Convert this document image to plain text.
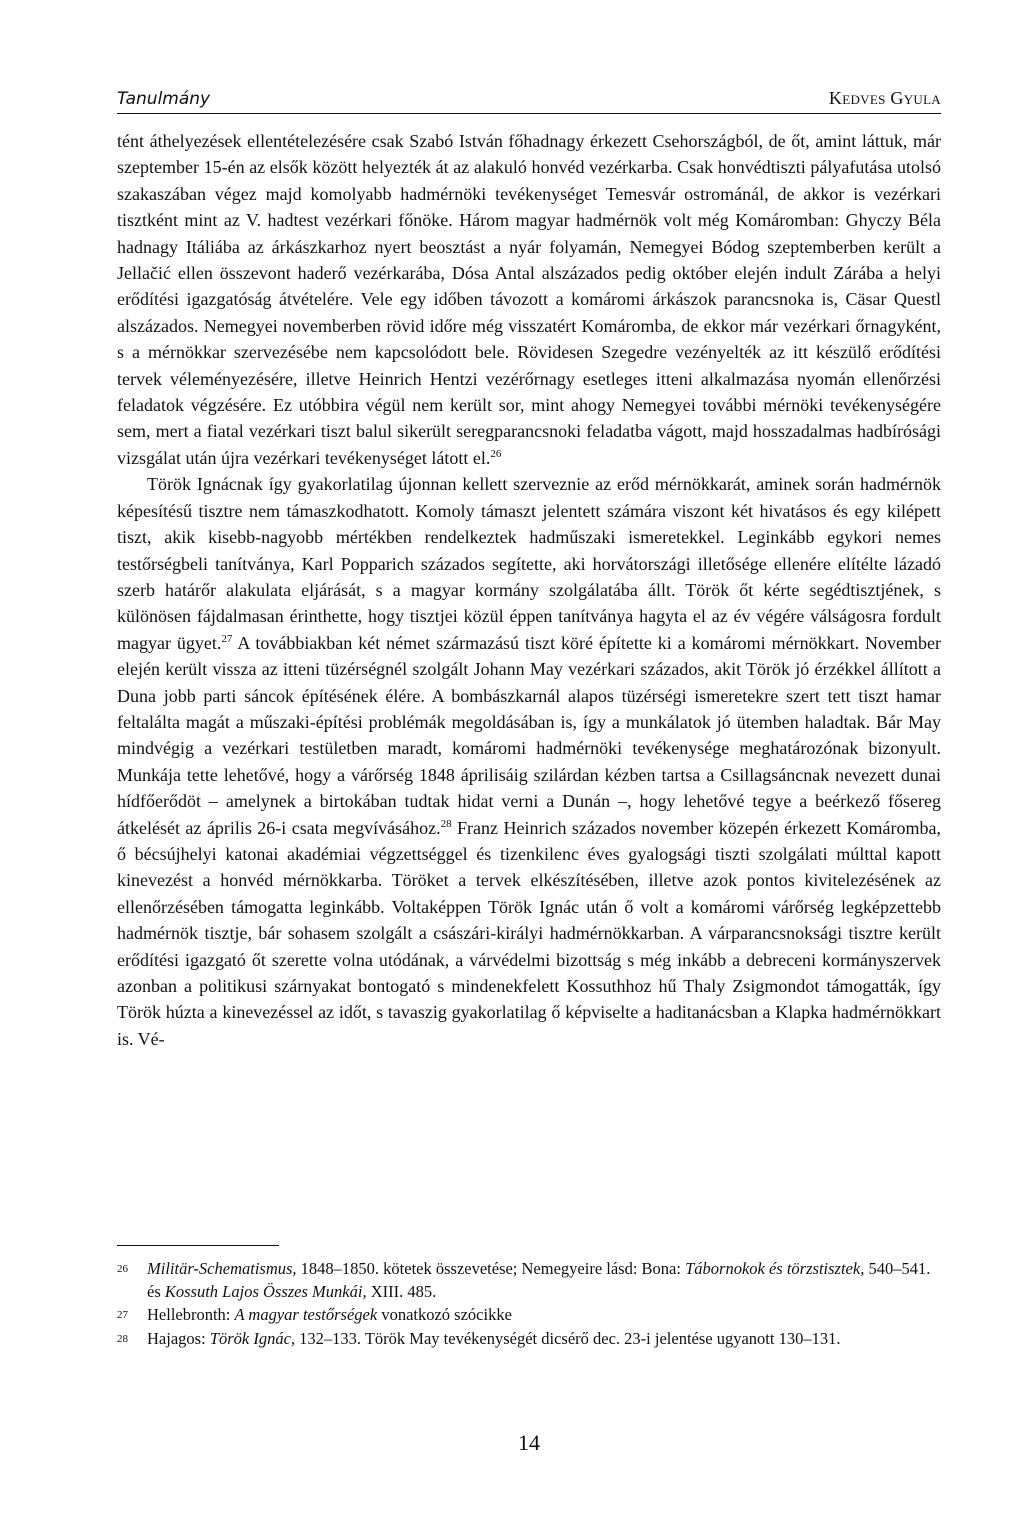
Tanulmány	Kedves Gyula

tént áthelyezések ellentételezésére csak Szabó István főhadnagy érkezett Csehországból, de őt, amint láttuk, már szeptember 15-én az elsők között helyezték át az alakuló honvéd vezérkarba. Csak honvédtiszti pályafutása utolsó szakaszában végez majd komolyabb hadmérnöki tevékenységet Temesvár ostrománál, de akkor is vezérkari tisztként mint az V. hadtest vezérkari főnöke. Három magyar hadmérnök volt még Komáromban: Ghyczy Béla hadnagy Itáliába az árkászkarhoz nyert beosztást a nyár folyamán, Nemegyei Bódog szeptemberben került a Jellačić ellen összevont haderő vezérkarába, Dósa Antal alszázados pedig október elején indult Zárába a helyi erődítési igazgatóság átvételére. Vele egy időben távozott a komáromi árkászok parancsnoka is, Cäsar Questl alszázados. Nemegyei novemberben rövid időre még visszatért Komáromba, de ekkor már vezérkari őrnagyként, s a mérnökkar szervezésébe nem kapcsolódott bele. Rövidesen Szegedre vezényelték az itt készülő erődítési tervek véleményezésére, illetve Heinrich Hentzi vezérőrnagy esetleges itteni alkalmazása nyomán ellenőrzési feladatok végzésére. Ez utóbbira végül nem került sor, mint ahogy Nemegyei további mérnöki tevékenységére sem, mert a fiatal vezérkari tiszt balul sikerült seregparancsnoki feladatba vágott, majd hosszadalmas hadbírósági vizsgálat után újra vezérkari tevékenységet látott el.$^{26}$

Török Ignácnak így gyakorlatilag újonnan kellett szerveznie az erőd mérnökkarát, aminek során hadmérnök képesítésű tisztre nem támaszkodhatott. Komoly támaszt jelentett számára viszont két hivatásos és egy kilépett tiszt, akik kisebb-nagyobb mértékben rendelkeztek hadműszaki ismeretekkel. Leginkább egykori nemes testőrségbeli tanítványa, Karl Popparich százados segítette, aki horvátországi illetősége ellenére elítélte lázadó szerb határőr alakulata eljárását, s a magyar kormány szolgálatába állt. Török őt kérte segédtisztjének, s különösen fájdalmasan érinthette, hogy tisztjei közül éppen tanítványa hagyta el az év végére válságosra fordult magyar ügyet.$^{27}$ A továbbiakban két német származású tiszt köré építette ki a komáromi mérnökkart. November elején került vissza az itteni tüzérségnél szolgált Johann May vezérkari százados, akit Török jó érzékkel állított a Duna jobb parti sáncok építésének élére. A bombászkarnál alapos tüzérségi ismeretekre szert tett tiszt hamar feltalálta magát a műszaki-építési problémák megoldásában is, így a munkálatok jó ütemben haladtak. Bár May mindvégig a vezérkari testületben maradt, komáromi hadmérnöki tevékenysége meghatározónak bizonyult. Munkája tette lehetővé, hogy a várőrség 1848 áprilisáig szilárdan kézben tartsa a Csillagsáncnak nevezett dunai hídfőerődöt – amelynek a birtokában tudtak hidat verni a Dunán –, hogy lehetővé tegye a beérkező fősereg átkelését az április 26-i csata megvívásához.$^{28}$ Franz Heinrich százados november közepén érkezett Komáromba, ő bécsújhelyi katonai akadémiai végzettséggel és tizenkilenc éves gyalogsági tiszti szolgálati múlttal kapott kinevezést a honvéd mérnökkarba. Töröket a tervek elkészítésében, illetve azok pontos kivitelezésének az ellenőrzésében támogatta leginkább. Voltaképpen Török Ignác után ő volt a komáromi várőrség legképzettebb hadmérnök tisztje, bár sohasem szolgált a császári-királyi hadmérnökkarban. A várparancsnoksági tisztre került erődítési igazgató őt szerette volna utódának, a várvédelmi bizottság s még inkább a debreceni kormányszervek azonban a politikusi szárnyakat bontogató s mindenekfelett Kossuthhoz hű Thaly Zsigmondot támogatták, így Török húzta a kinevezéssel az időt, s tavaszig gyakorlatilag ő képviselte a haditanácsban a Klapka hadmérnökkart is. Vé-

26	Militär-Schematismus, 1848–1850. kötetek összevetése; Nemegyeire lásd: Bona: Tábornokok és törzstisztek, 540–541. és Kossuth Lajos Összes Munkái, XIII. 485.
27	Hellebronth: A magyar testőrségek vonatkozó szócikke
28	Hajagos: Török Ignác, 132–133. Török May tevékenységét dicsérő dec. 23-i jelentése ugyanott 130–131.
14
